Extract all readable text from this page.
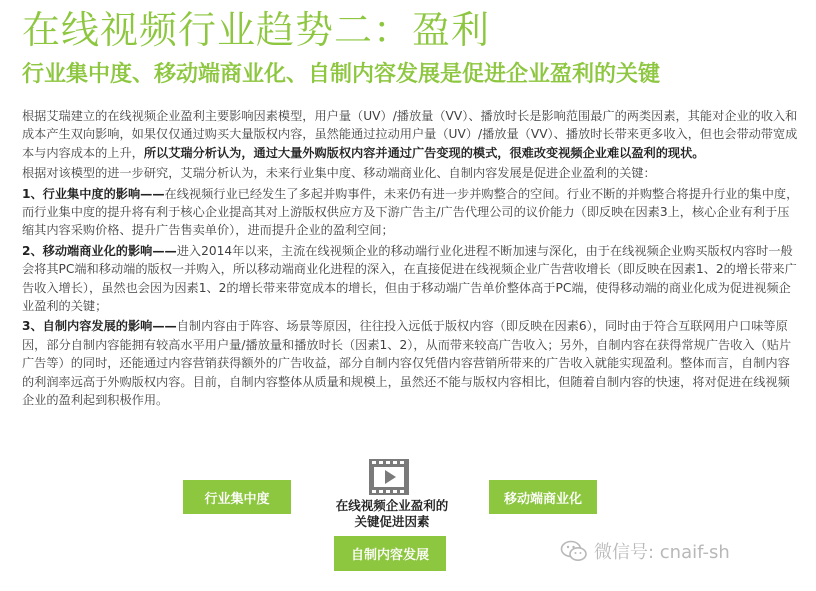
在线视频行业趋势二：盈利
行业集中度、移动端商业化、自制内容发展是促进企业盈利的关键

根据艾瑞建立的在线视频企业盈利主要影响因素模型，用户量（UV）/播放量（VV）、播放时长是影响范围最广的两类因素，其能对企业的收入和成本产生双向影响，如果仅仅通过购买大量版权内容，虽然能通过拉动用户量（UV）/播放量（VV）、播放时长带来更多收入，但也会带动带宽成本与内容成本的上升，所以艾瑞分析认为，通过大量外购版权内容并通过广告变现的模式，很难改变视频企业难以盈利的现状。

根据对该模型的进一步研究，艾瑞分析认为，未来行业集中度、移动端商业化、自制内容发展是促进企业盈利的关键：

1、行业集中度的影响——在线视频行业已经发生了多起并购事件，未来仍有进一步并购整合的空间。行业不断的并购整合将提升行业的集中度，而行业集中度的提升将有利于核心企业提高其对上游版权供应方及下游广告主/广告代理公司的议价能力（即反映在因素3上，核心企业有利于压缩其内容采购价格、提升广告售卖单价），进而提升企业的盈利空间；

2、移动端商业化的影响——进入2014年以来，主流在线视频企业的移动端行业化进程不断加速与深化，由于在线视频企业购买版权内容时一般会将其PC端和移动端的版权一并购入，所以移动端商业化进程的深入，在直接促进在线视频企业广告营收增长（即反映在因素1、2的增长带来广告收入增长），虽然也会因为因素1、2的增长带来带宽成本的增长，但由于移动端广告单价整体高于PC端，使得移动端的商业化成为促进视频企业盈利的关键；

3、自制内容发展的影响——自制内容由于阵容、场景等原因，往往投入远低于版权内容（即反映在因素6），同时由于符合互联网用户口味等原因，部分自制内容能拥有较高水平用户量/播放量和播放时长（因素1、2），从而带来较高广告收入；另外，自制内容在获得常规广告收入（贴片广告等）的同时，还能通过内容营销获得额外的广告收益，部分自制内容仅凭借内容营销所带来的广告收入就能实现盈利。整体而言，自制内容的利润率远高于外购版权内容。目前，自制内容整体从质量和规模上，虽然还不能与版权内容相比，但随着自制内容的快速，将对促进在线视频企业的盈利起到积极作用。

行业集中度	移动端商业化
自制内容发展
在线视频企业盈利的
关键促进因素
微信号: cnaif-sh
